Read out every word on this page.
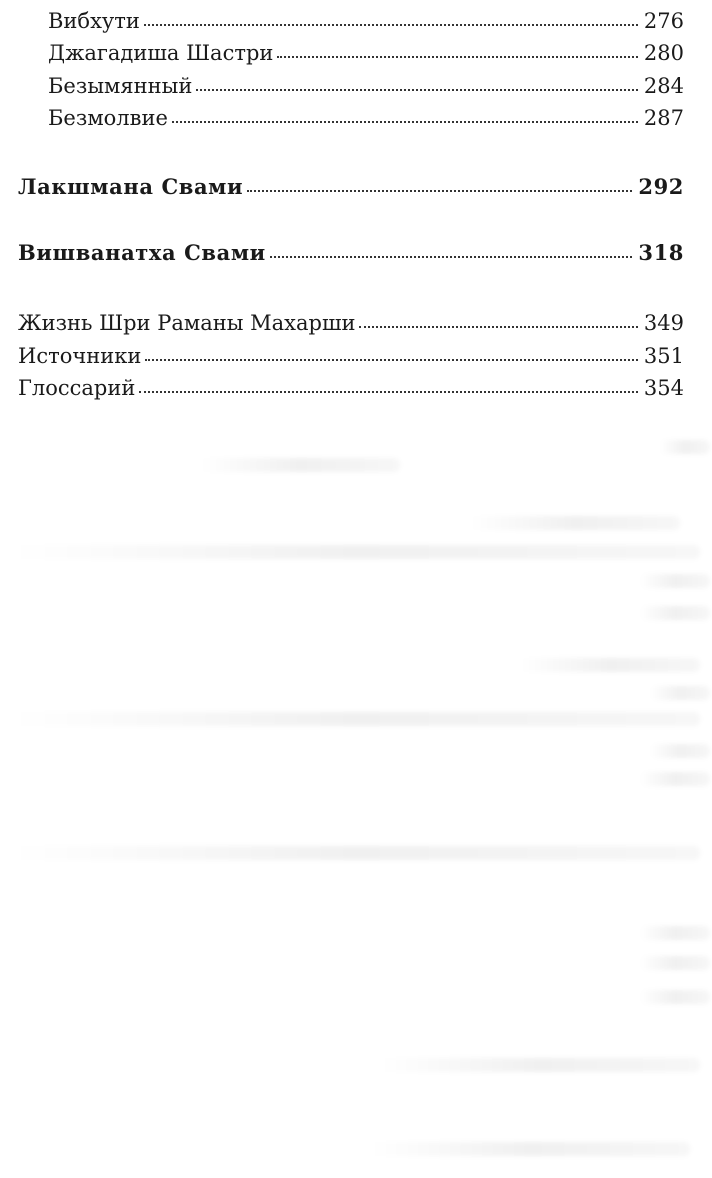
Вибхути	276
Джагадиша Шастри	280
Безымянный	284
Безмолвие	287
Лакшмана Свами	292
Вишванатха Свами	318
Жизнь Шри Раманы Махарши	349
Источники	351
Глоссарий	354
